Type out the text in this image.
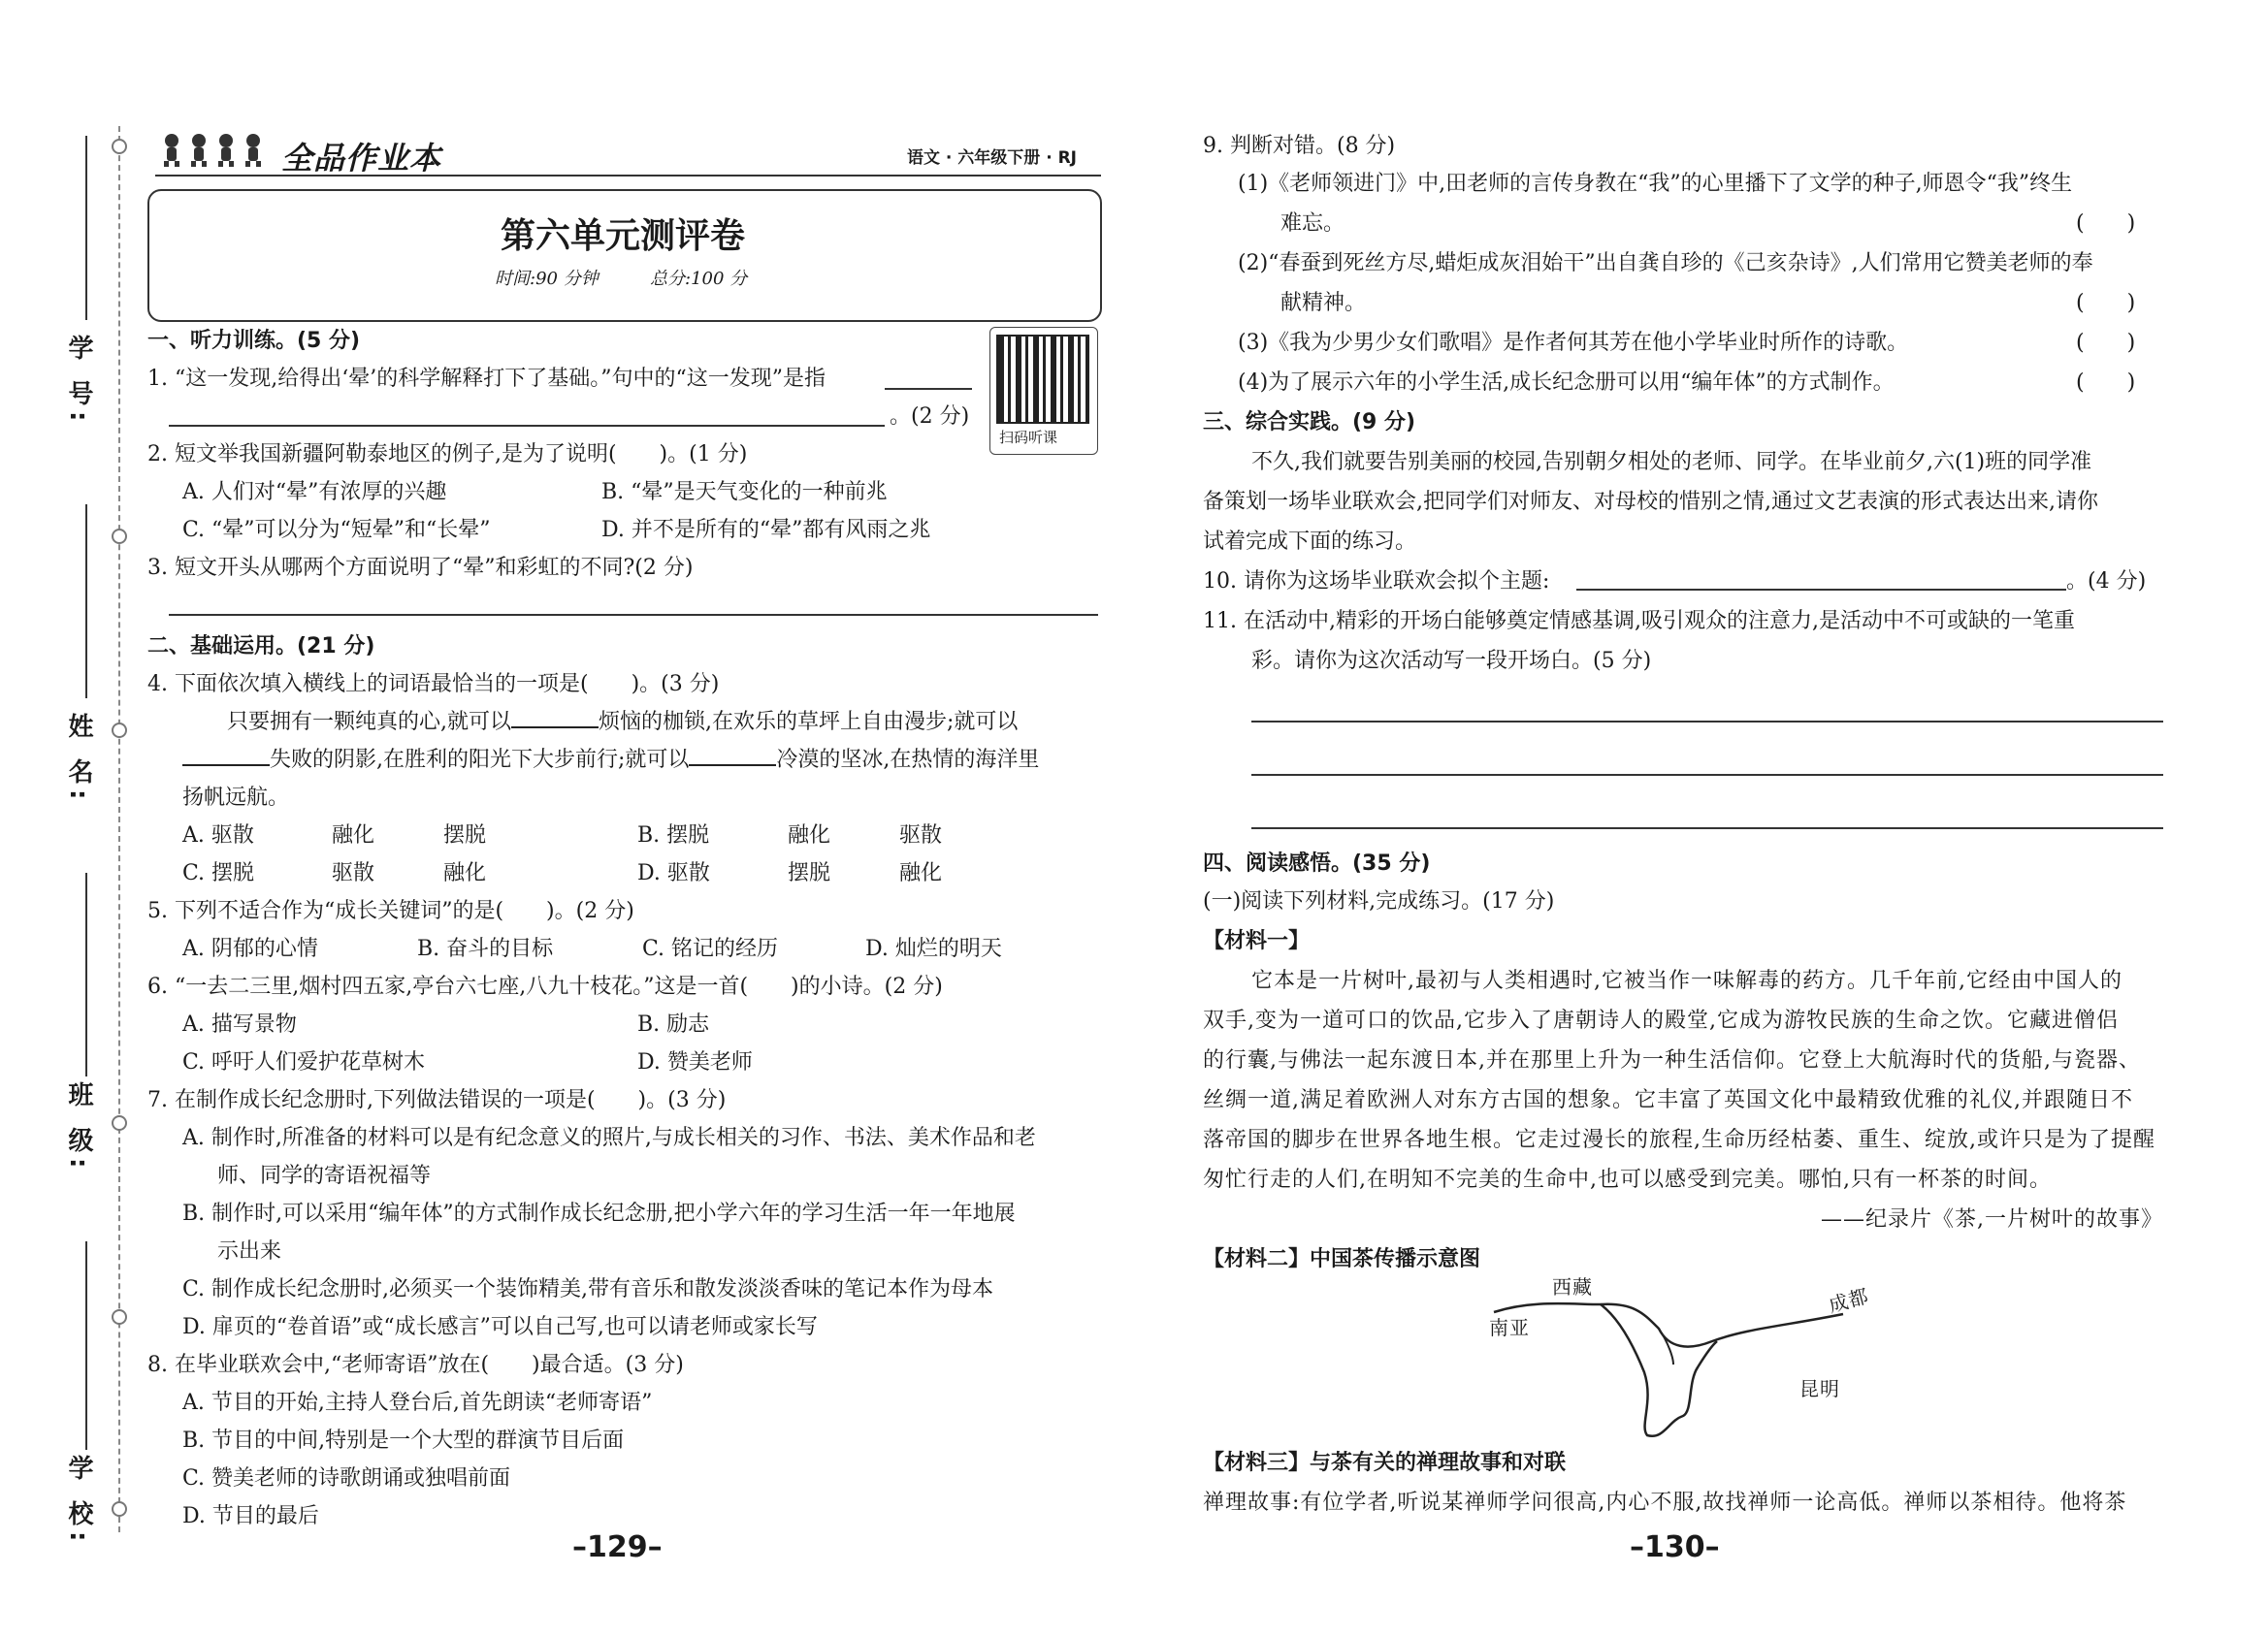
学 号:
姓 名:
班 级:
学 校:
全品作业本	语文 · 六年级下册 · RJ
第六单元测评卷
时间:90 分钟	总分:100 分
扫码听课
一、听力训练。(5 分)
1. “这一发现,给得出‘晕’的科学解释打下了基础。”句中的“这一发现”是指
。(2 分)
2. 短文举我国新疆阿勒泰地区的例子,是为了说明(　　)。(1 分)
A. 人们对“晕”有浓厚的兴趣	B. “晕”是天气变化的一种前兆
C. “晕”可以分为“短晕”和“长晕”	D. 并不是所有的“晕”都有风雨之兆
3. 短文开头从哪两个方面说明了“晕”和彩虹的不同?(2 分)
二、基础运用。(21 分)
4. 下面依次填入横线上的词语最恰当的一项是(　　)。(3 分)
只要拥有一颗纯真的心,就可以	烦恼的枷锁,在欢乐的草坪上自由漫步;就可以
失败的阴影,在胜利的阳光下大步前行;就可以	冷漠的坚冰,在热情的海洋里
扬帆远航。
A. 驱散	融化	摆脱	B. 摆脱	融化	驱散
C. 摆脱	驱散	融化	D. 驱散	摆脱	融化
5. 下列不适合作为“成长关键词”的是(　　)。(2 分)
A. 阴郁的心情	B. 奋斗的目标	C. 铭记的经历	D. 灿烂的明天
6. “一去二三里,烟村四五家,亭台六七座,八九十枝花。”这是一首(　　)的小诗。(2 分)
A. 描写景物	B. 励志
C. 呼吁人们爱护花草树木	D. 赞美老师
7. 在制作成长纪念册时,下列做法错误的一项是(　　)。(3 分)
A. 制作时,所准备的材料可以是有纪念意义的照片,与成长相关的习作、书法、美术作品和老
师、同学的寄语祝福等
B. 制作时,可以采用“编年体”的方式制作成长纪念册,把小学六年的学习生活一年一年地展
示出来
C. 制作成长纪念册时,必须买一个装饰精美,带有音乐和散发淡淡香味的笔记本作为母本
D. 扉页的“卷首语”或“成长感言”可以自己写,也可以请老师或家长写
8. 在毕业联欢会中,“老师寄语”放在(　　)最合适。(3 分)
A. 节目的开始,主持人登台后,首先朗读“老师寄语”
B. 节目的中间,特别是一个大型的群演节目后面
C. 赞美老师的诗歌朗诵或独唱前面
D. 节目的最后
–129–
9. 判断对错。(8 分)
(1)《老师领进门》中,田老师的言传身教在“我”的心里播下了文学的种子,师恩令“我”终生
难忘。	(　　)
(2)“春蚕到死丝方尽,蜡炬成灰泪始干”出自龚自珍的《己亥杂诗》,人们常用它赞美老师的奉
献精神。	(　　)
(3)《我为少男少女们歌唱》是作者何其芳在他小学毕业时所作的诗歌。	(　　)
(4)为了展示六年的小学生活,成长纪念册可以用“编年体”的方式制作。	(　　)
三、综合实践。(9 分)
不久,我们就要告别美丽的校园,告别朝夕相处的老师、同学。在毕业前夕,六(1)班的同学准
备策划一场毕业联欢会,把同学们对师友、对母校的惜别之情,通过文艺表演的形式表达出来,请你
试着完成下面的练习。
10. 请你为这场毕业联欢会拟个主题:	。(4 分)
11. 在活动中,精彩的开场白能够奠定情感基调,吸引观众的注意力,是活动中不可或缺的一笔重
彩。请你为这次活动写一段开场白。(5 分)
四、阅读感悟。(35 分)
(一)阅读下列材料,完成练习。(17 分)
【材料一】
它本是一片树叶,最初与人类相遇时,它被当作一味解毒的药方。几千年前,它经由中国人的
双手,变为一道可口的饮品,它步入了唐朝诗人的殿堂,它成为游牧民族的生命之饮。它藏进僧侣
的行囊,与佛法一起东渡日本,并在那里上升为一种生活信仰。它登上大航海时代的货船,与瓷器、
丝绸一道,满足着欧洲人对东方古国的想象。它丰富了英国文化中最精致优雅的礼仪,并跟随日不
落帝国的脚步在世界各地生根。它走过漫长的旅程,生命历经枯萎、重生、绽放,或许只是为了提醒
匆忙行走的人们,在明知不完美的生命中,也可以感受到完美。哪怕,只有一杯茶的时间。
——纪录片《茶,一片树叶的故事》
【材料二】中国茶传播示意图
西藏	成都
南亚
昆明
【材料三】与茶有关的禅理故事和对联
禅理故事:有位学者,听说某禅师学问很高,内心不服,故找禅师一论高低。禅师以茶相待。他将茶
–130–
